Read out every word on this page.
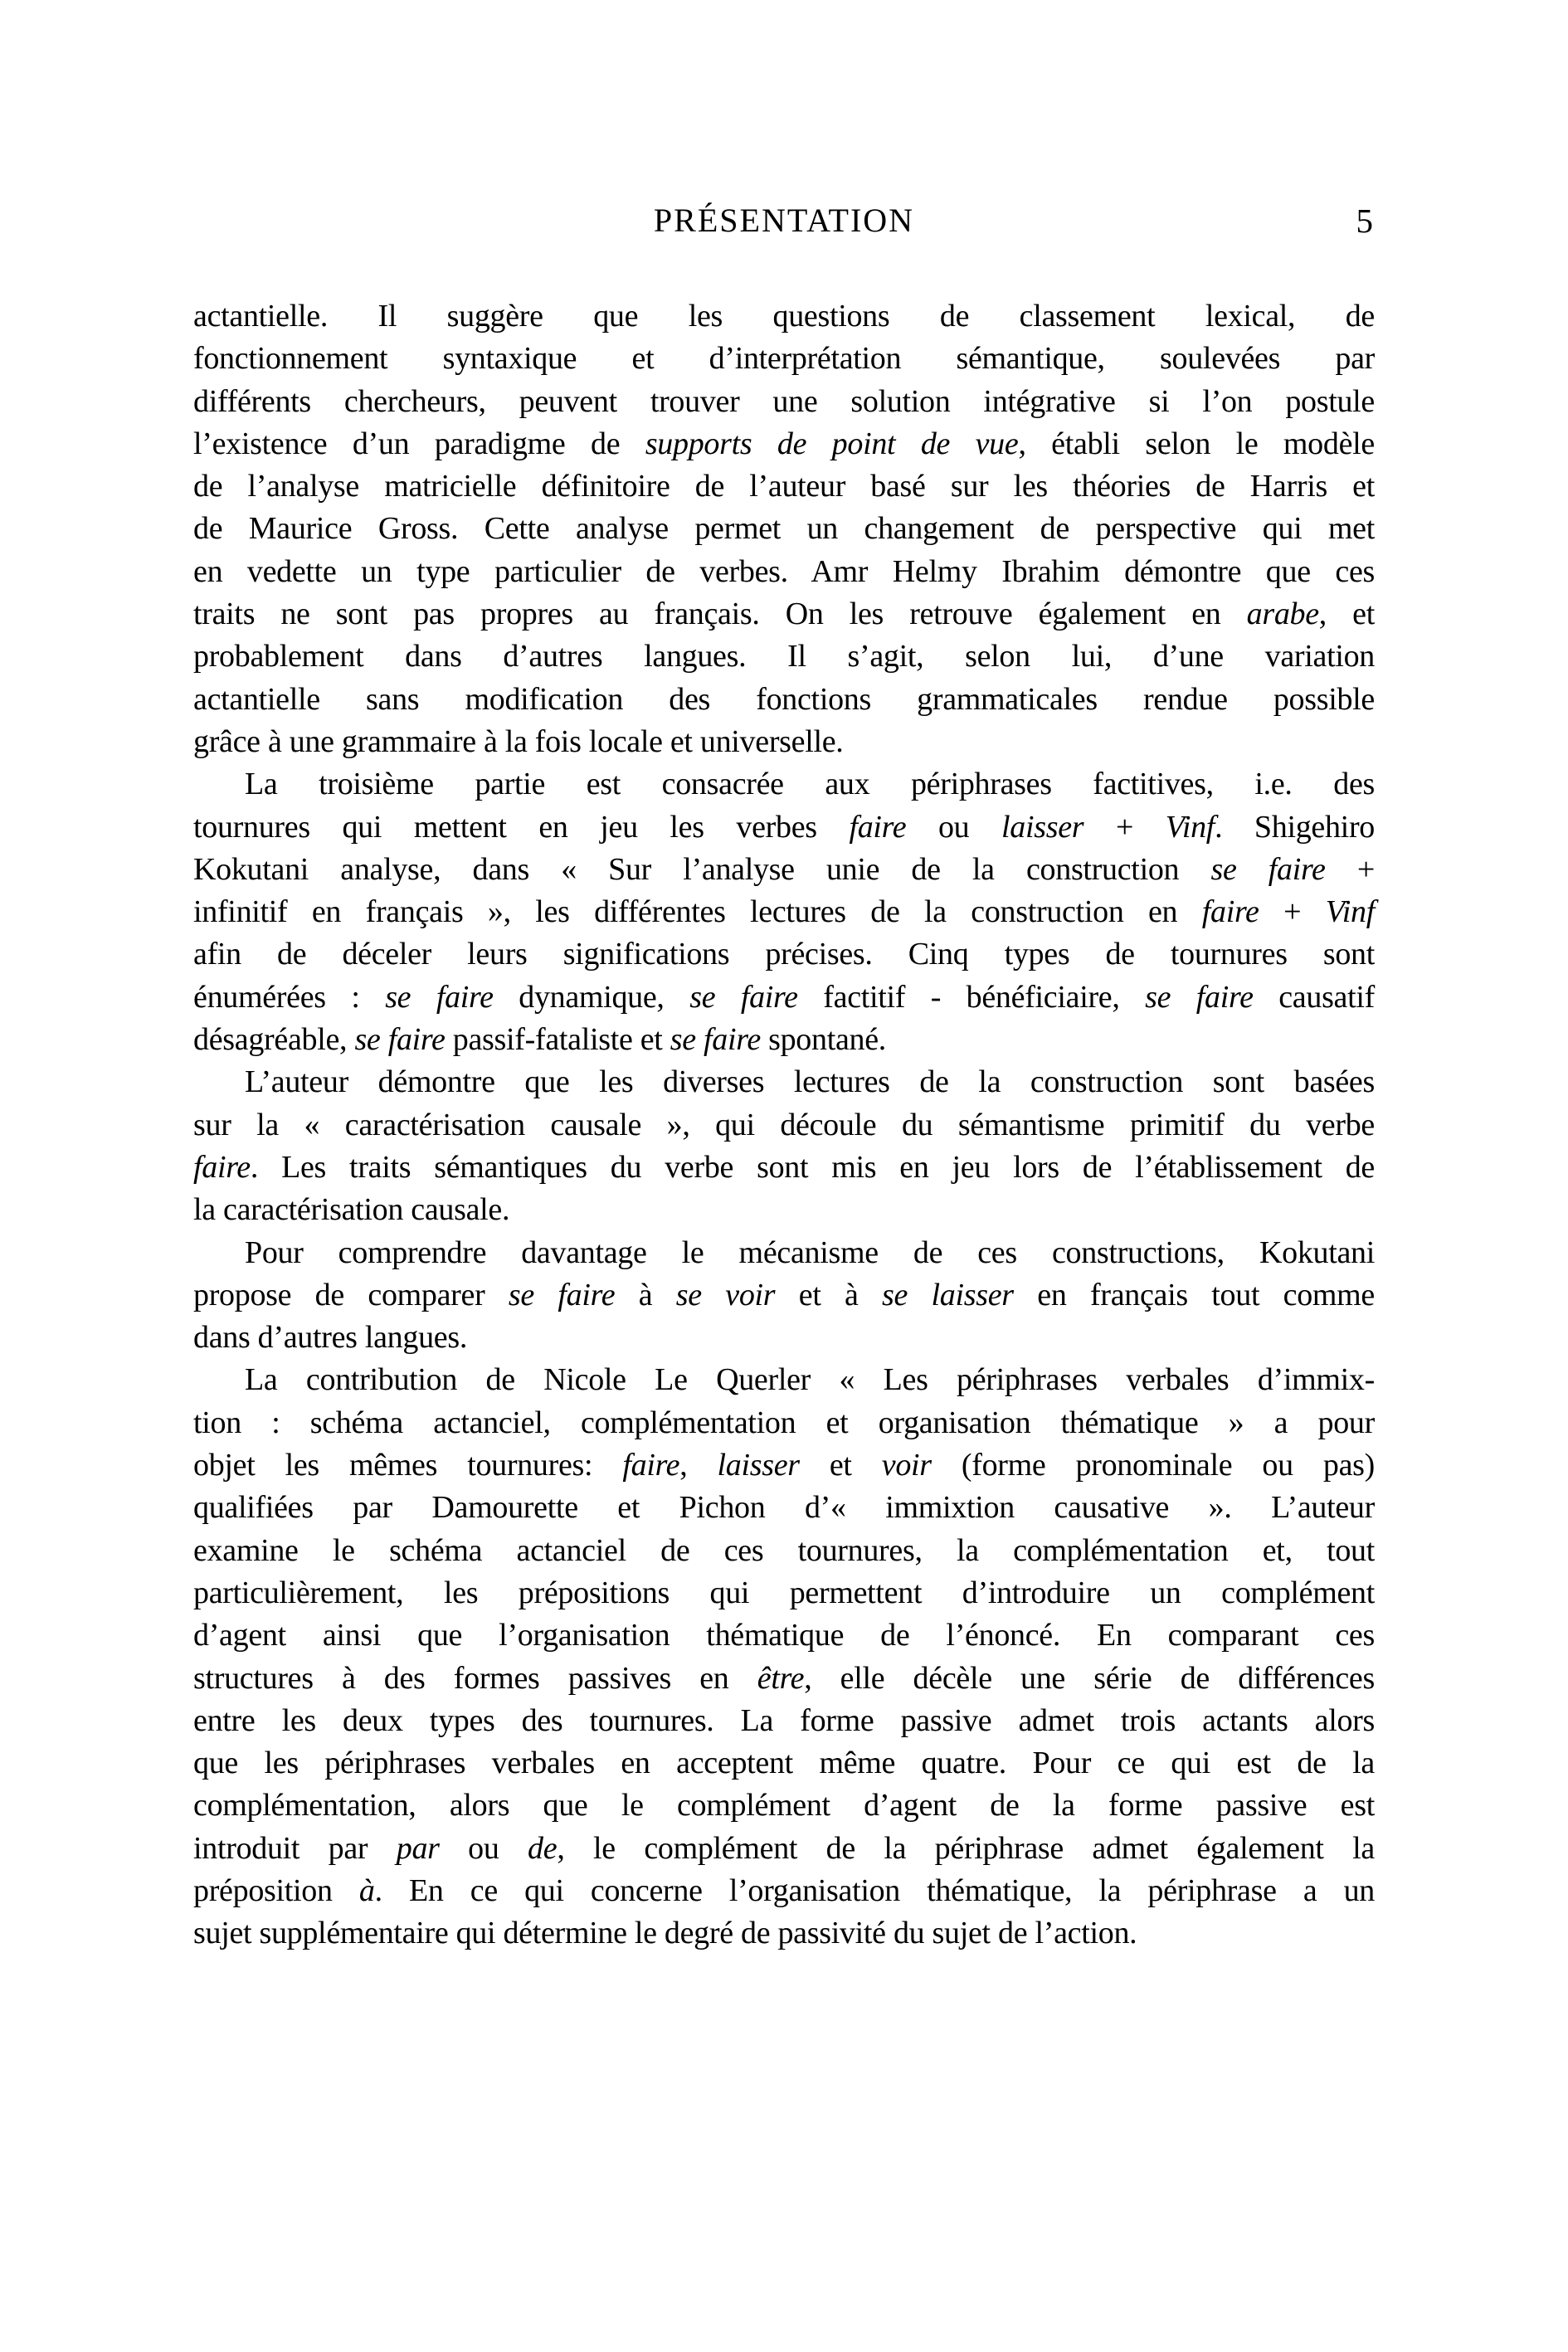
PRÉSENTATION	5
actantielle. Il suggère que les questions de classement lexical, de
fonctionnement syntaxique et d’interprétation sémantique, soulevées par
différents chercheurs, peuvent trouver une solution intégrative si l’on postule
l’existence d’un paradigme de supports de point de vue, établi selon le modèle
de l’analyse matricielle définitoire de l’auteur basé sur les théories de Harris et
de Maurice Gross. Cette analyse permet un changement de perspective qui met
en vedette un type particulier de verbes. Amr Helmy Ibrahim démontre que ces
traits ne sont pas propres au français. On les retrouve également en arabe, et
probablement dans d’autres langues. Il s’agit, selon lui, d’une variation
actantielle sans modification des fonctions grammaticales rendue possible
grâce à une grammaire à la fois locale et universelle.
La troisième partie est consacrée aux périphrases factitives, i.e. des
tournures qui mettent en jeu les verbes faire ou laisser + Vinf. Shigehiro
Kokutani analyse, dans « Sur l’analyse unie de la construction se faire +
infinitif en français », les différentes lectures de la construction en faire + Vinf
afin de déceler leurs significations précises. Cinq types de tournures sont
énumérées : se faire dynamique, se faire factitif - bénéficiaire, se faire causatif
désagréable, se faire passif-fataliste et se faire spontané.
L’auteur démontre que les diverses lectures de la construction sont basées
sur la « caractérisation causale », qui découle du sémantisme primitif du verbe
faire. Les traits sémantiques du verbe sont mis en jeu lors de l’établissement de
la caractérisation causale.
Pour comprendre davantage le mécanisme de ces constructions, Kokutani
propose de comparer se faire à se voir et à se laisser en français tout comme
dans d’autres langues.
La contribution de Nicole Le Querler « Les périphrases verbales d’immix-
tion : schéma actanciel, complémentation et organisation thématique » a pour
objet les mêmes tournures: faire, laisser et voir (forme pronominale ou pas)
qualifiées par Damourette et Pichon d’« immixtion causative ». L’auteur
examine le schéma actanciel de ces tournures, la complémentation et, tout
particulièrement, les prépositions qui permettent d’introduire un complément
d’agent ainsi que l’organisation thématique de l’énoncé. En comparant ces
structures à des formes passives en être, elle décèle une série de différences
entre les deux types des tournures. La forme passive admet trois actants alors
que les périphrases verbales en acceptent même quatre. Pour ce qui est de la
complémentation, alors que le complément d’agent de la forme passive est
introduit par par ou de, le complément de la périphrase admet également la
préposition à. En ce qui concerne l’organisation thématique, la périphrase a un
sujet supplémentaire qui détermine le degré de passivité du sujet de l’action.
